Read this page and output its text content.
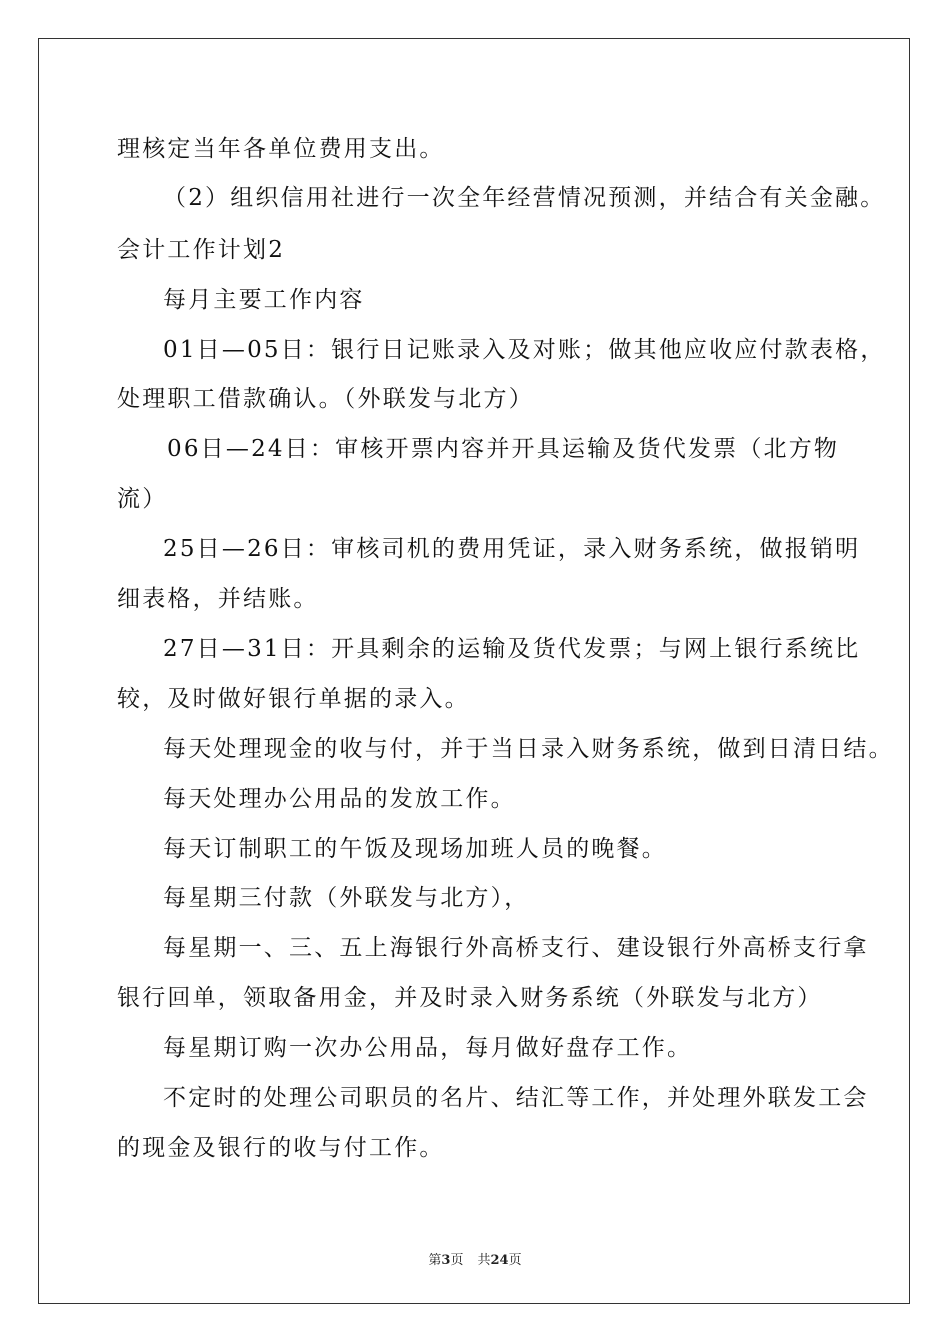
理核定当年各单位费用支出。
（2）组织信用社进行一次全年经营情况预测，并结合有关金融。
会计工作计划2
每月主要工作内容
01日—05日：银行日记账录入及对账；做其他应收应付款表格，
处理职工借款确认。（外联发与北方）
06日—24日：审核开票内容并开具运输及货代发票（北方物
流）
25日—26日：审核司机的费用凭证，录入财务系统，做报销明
细表格，并结账。
27日—31日：开具剩余的运输及货代发票；与网上银行系统比
较，及时做好银行单据的录入。
每天处理现金的收与付，并于当日录入财务系统，做到日清日结。
每天处理办公用品的发放工作。
每天订制职工的午饭及现场加班人员的晚餐。
每星期三付款（外联发与北方），
每星期一、三、五上海银行外高桥支行、建设银行外高桥支行拿
银行回单，领取备用金，并及时录入财务系统（外联发与北方）
每星期订购一次办公用品，每月做好盘存工作。
不定时的处理公司职员的名片、结汇等工作，并处理外联发工会
的现金及银行的收与付工作。
第3页 共24页
